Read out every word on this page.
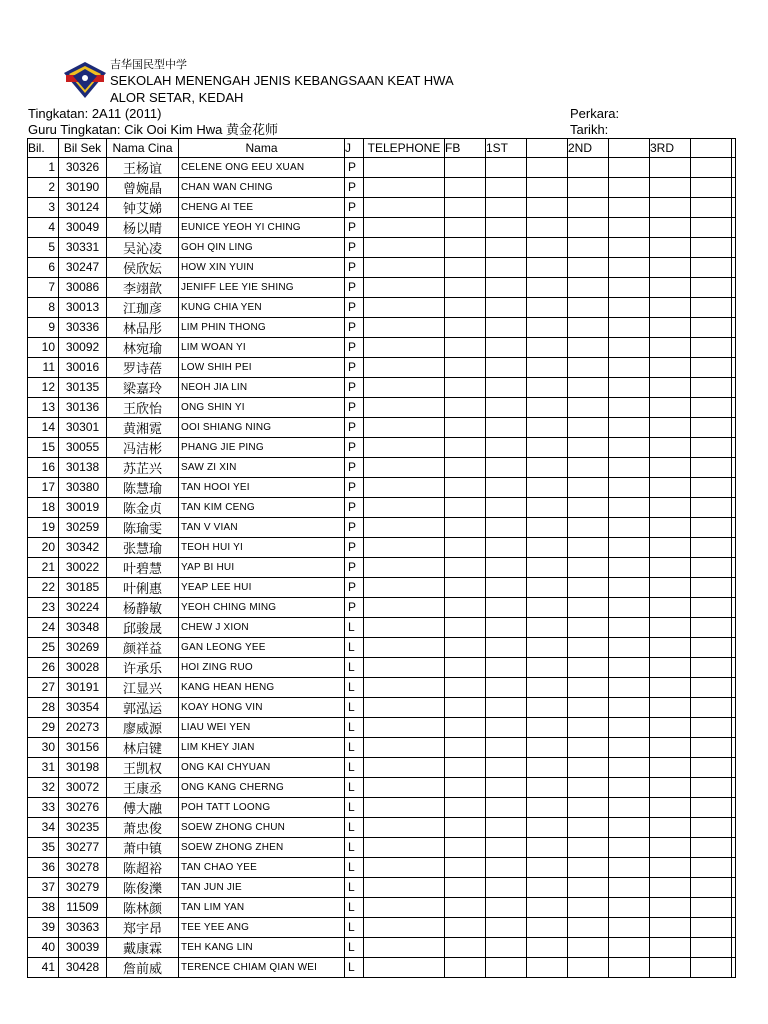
吉华国民型中学
SEKOLAH MENENGAH JENIS KEBANGSAAN KEAT HWA
ALOR SETAR, KEDAH
Tingkatan: 2A11 (2011)
Guru Tingkatan: Cik Ooi Kim Hwa 黄金花师
Perkara:
Tarikh:
Bil.	Bil Sek	Nama Cina	Nama	J	TELEPHONE	FB	1ST		2ND		3RD		
1	30326	王杨谊	CELENE ONG EEU XUAN	P									
2	30190	曾婉晶	CHAN WAN CHING	P									
3	30124	钟艾娣	CHENG AI TEE	P									
4	30049	杨以晴	EUNICE YEOH YI CHING	P									
5	30331	吴沁凌	GOH QIN LING	P									
6	30247	侯欣妘	HOW XIN YUIN	P									
7	30086	李翊歆	JENIFF LEE YIE SHING	P									
8	30013	江珈彦	KUNG CHIA YEN	P									
9	30336	林品彤	LIM PHIN THONG	P									
10	30092	林宛瑜	LIM WOAN YI	P									
11	30016	罗诗蓓	LOW SHIH PEI	P									
12	30135	梁嘉玲	NEOH JIA LIN	P									
13	30136	王欣怡	ONG SHIN YI	P									
14	30301	黄湘霓	OOI SHIANG NING	P									
15	30055	冯洁彬	PHANG JIE PING	P									
16	30138	苏芷兴	SAW ZI XIN	P									
17	30380	陈慧瑜	TAN HOOI YEI	P									
18	30019	陈金贞	TAN KIM CENG	P									
19	30259	陈瑜雯	TAN V VIAN	P									
20	30342	张慧瑜	TEOH HUI YI	P									
21	30022	叶碧慧	YAP BI HUI	P									
22	30185	叶俐惠	YEAP LEE HUI	P									
23	30224	杨静敏	YEOH CHING MING	P									
24	30348	邱骏晟	CHEW J XION	L									
25	30269	颜祥益	GAN LEONG YEE	L									
26	30028	许承乐	HOI ZING RUO	L									
27	30191	江显兴	KANG HEAN HENG	L									
28	30354	郭泓运	KOAY HONG VIN	L									
29	20273	廖威源	LIAU WEI YEN	L									
30	30156	林启键	LIM KHEY JIAN	L									
31	30198	王凯权	ONG KAI CHYUAN	L									
32	30072	王康丞	ONG KANG CHERNG	L									
33	30276	傅大融	POH TATT LOONG	L									
34	30235	萧忠俊	SOEW ZHONG CHUN	L									
35	30277	萧中镇	SOEW ZHONG ZHEN	L									
36	30278	陈超裕	TAN CHAO YEE	L									
37	30279	陈俊濼	TAN JUN JIE	L									
38	11509	陈林颜	TAN LIM YAN	L									
39	30363	郑宇昂	TEE YEE ANG	L									
40	30039	戴康霖	TEH KANG LIN	L									
41	30428	詹前威	TERENCE CHIAM QIAN WEI	L									
